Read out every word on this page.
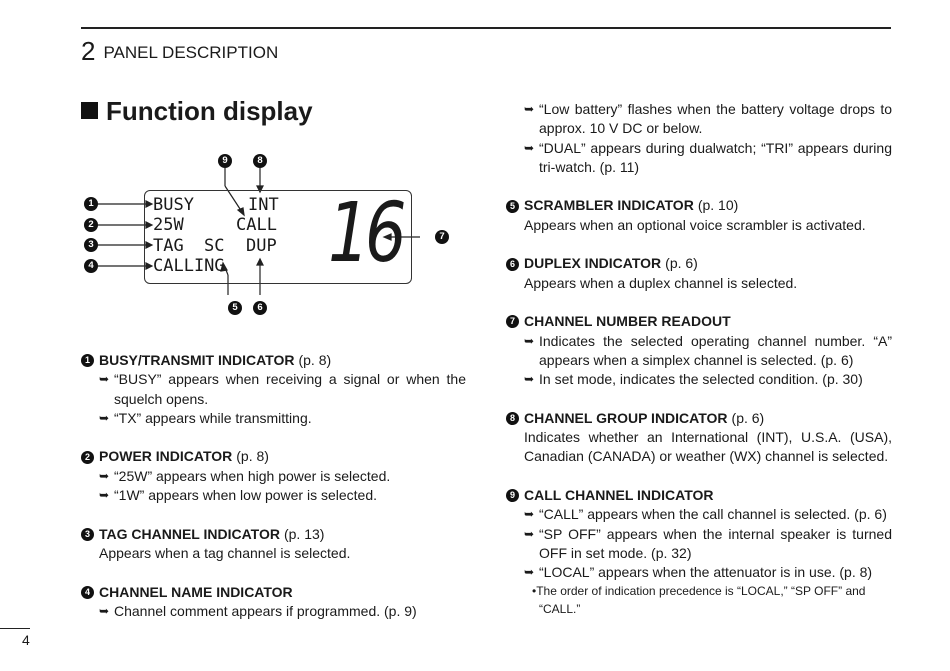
2 PANEL DESCRIPTION
Function display
BUSY	INT
25W	CALL
TAG SC DUP
CALLING 16
1
2
3
4
9	8
5	6
7
1 BUSY/TRANSMIT INDICATOR (p. 8)
➥ “BUSY” appears when receiving a signal or when the squelch opens.
➥ “TX” appears while transmitting.
2 POWER INDICATOR (p. 8)
➥ “25W” appears when high power is selected.
➥ “1W” appears when low power is selected.
3 TAG CHANNEL INDICATOR (p. 13)
Appears when a tag channel is selected.
4 CHANNEL NAME INDICATOR
➥ Channel comment appears if programmed. (p. 9)
➥ “Low battery” flashes when the battery voltage drops to approx. 10 V DC or below.
➥ “DUAL” appears during dualwatch; “TRI” appears during tri-watch. (p. 11)
5 SCRAMBLER INDICATOR (p. 10)
Appears when an optional voice scrambler is activated.
6 DUPLEX INDICATOR (p. 6)
Appears when a duplex channel is selected.
7 CHANNEL NUMBER READOUT
➥ Indicates the selected operating channel number. “A” appears when a simplex channel is selected. (p. 6)
➥ In set mode, indicates the selected condition. (p. 30)
8 CHANNEL GROUP INDICATOR (p. 6)
Indicates whether an International (INT), U.S.A. (USA), Canadian (CANADA) or weather (WX) channel is selected.
9 CALL CHANNEL INDICATOR
➥ “CALL” appears when the call channel is selected. (p. 6)
➥ “SP OFF” appears when the internal speaker is turned OFF in set mode. (p. 32)
➥ “LOCAL” appears when the attenuator is in use. (p. 8)
•The order of indication precedence is “LOCAL,” “SP OFF” and “CALL.”
4
